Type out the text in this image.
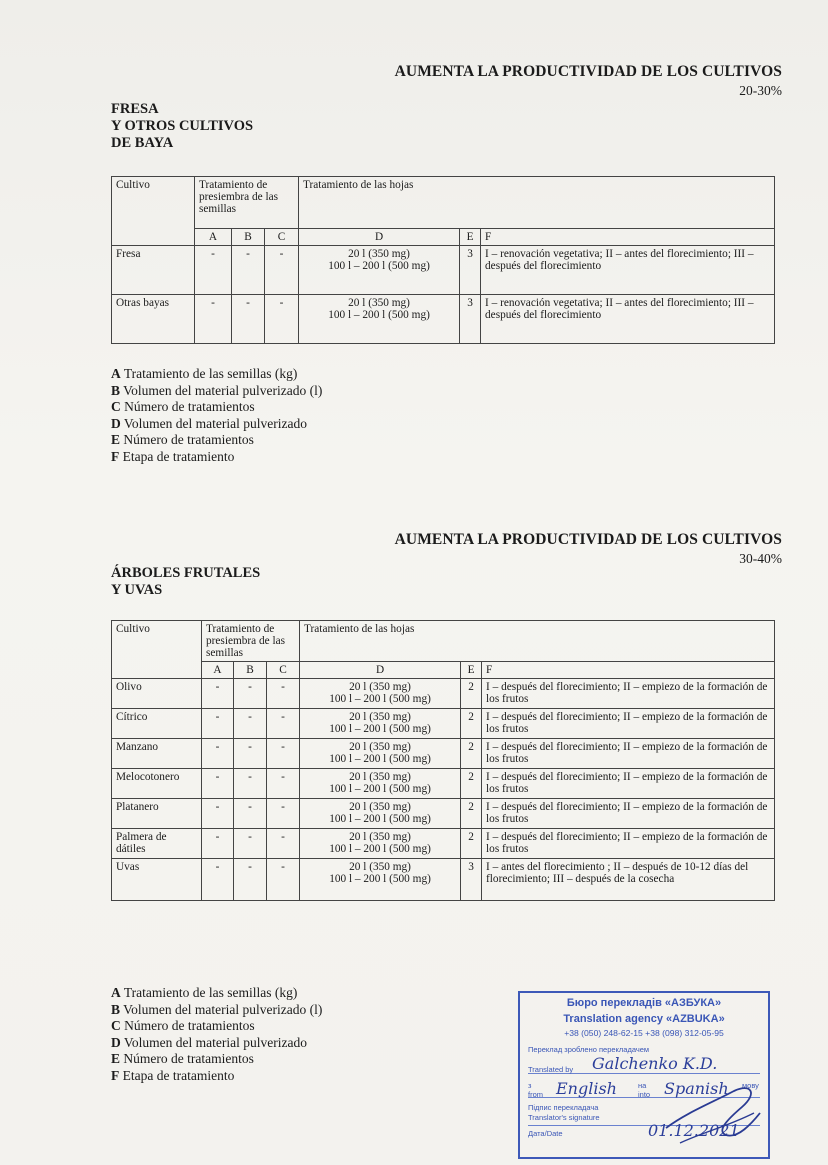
AUMENTA LA PRODUCTIVIDAD DE LOS CULTIVOS
20-30%
FRESA
Y OTROS CULTIVOS
DE BAYA
Cultivo	Tratamiento de presiembra de las semillas			Tratamiento de las hojas		
	A	B	C	D	E	F
Fresa	-	-	-	20 l (350 mg)
100 l – 200 l (500 mg)	3	I – renovación vegetativa; II – antes del florecimiento; III – después del florecimiento
Otras bayas	-	-	-	20 l (350 mg)
100 l – 200 l (500 mg)	3	I – renovación vegetativa; II – antes del florecimiento; III – después del florecimiento
A Tratamiento de las semillas (kg)
B Volumen del material pulverizado (l)
C Número de tratamientos
D Volumen del material pulverizado
E Número de tratamientos
F Etapa de tratamiento
AUMENTA LA PRODUCTIVIDAD DE LOS CULTIVOS
30-40%
ÁRBOLES FRUTALES
Y UVAS
Cultivo	Tratamiento de presiembra de las semillas			Tratamiento de las hojas		
	A	B	C	D	E	F
Olivo	-	-	-	20 l (350 mg)
100 l – 200 l (500 mg)	2	I – después del florecimiento; II – empiezo de la formación de los frutos
Cítrico	-	-	-	20 l (350 mg)
100 l – 200 l (500 mg)	2	I – después del florecimiento; II – empiezo de la formación de los frutos
Manzano	-	-	-	20 l (350 mg)
100 l – 200 l (500 mg)	2	I – después del florecimiento; II – empiezo de la formación de los frutos
Melocotonero	-	-	-	20 l (350 mg)
100 l – 200 l (500 mg)	2	I – después del florecimiento; II – empiezo de la formación de los frutos
Platanero	-	-	-	20 l (350 mg)
100 l – 200 l (500 mg)	2	I – después del florecimiento; II – empiezo de la formación de los frutos
Palmera de dátiles	-	-	-	20 l (350 mg)
100 l – 200 l (500 mg)	2	I – después del florecimiento; II – empiezo de la formación de los frutos
Uvas	-	-	-	20 l (350 mg)
100 l – 200 l (500 mg)	3	I – antes del florecimiento ; II – después de 10-12 días del florecimiento; III – después de la cosecha
A Tratamiento de las semillas (kg)
B Volumen del material pulverizado (l)
C Número de tratamientos
D Volumen del material pulverizado
E Número de tratamientos
F Etapa de tratamiento
Бюро перекладів «АЗБУКА»
Translation agency «AZBUKA»
+38 (050) 248-62-15 +38 (098) 312-05-95
Переклад зроблено перекладачем
Translated by Galchenko K.D.
з
from English	на
into Spanish мову
Підпис перекладача
Translator's signature
Дата/Date	01.12.2021
